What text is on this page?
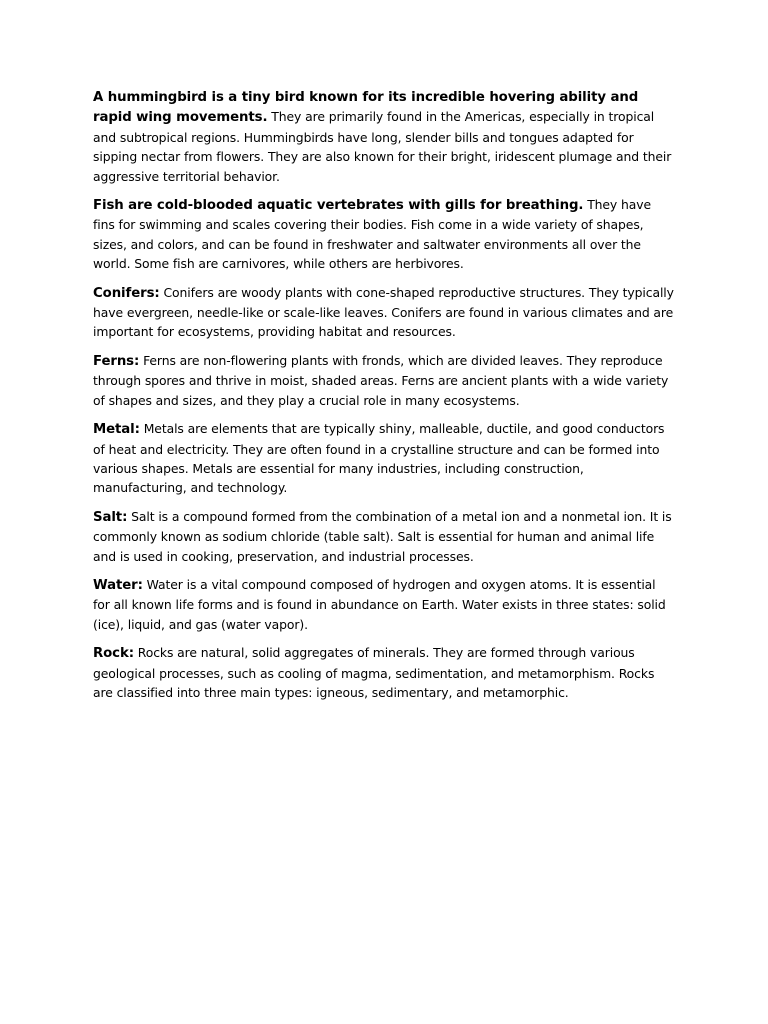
A hummingbird is a tiny bird known for its incredible hovering ability and rapid wing movements. They are primarily found in the Americas, especially in tropical and subtropical regions. Hummingbirds have long, slender bills and tongues adapted for sipping nectar from flowers. They are also known for their bright, iridescent plumage and their aggressive territorial behavior.

Fish are cold-blooded aquatic vertebrates with gills for breathing. They have fins for swimming and scales covering their bodies. Fish come in a wide variety of shapes, sizes, and colors, and can be found in freshwater and saltwater environments all over the world. Some fish are carnivores, while others are herbivores.

Conifers: Conifers are woody plants with cone-shaped reproductive structures. They typically have evergreen, needle-like or scale-like leaves. Conifers are found in various climates and are important for ecosystems, providing habitat and resources.

Ferns: Ferns are non-flowering plants with fronds, which are divided leaves. They reproduce through spores and thrive in moist, shaded areas. Ferns are ancient plants with a wide variety of shapes and sizes, and they play a crucial role in many ecosystems.

Metal: Metals are elements that are typically shiny, malleable, ductile, and good conductors of heat and electricity. They are often found in a crystalline structure and can be formed into various shapes. Metals are essential for many industries, including construction, manufacturing, and technology.

Salt: Salt is a compound formed from the combination of a metal ion and a nonmetal ion. It is commonly known as sodium chloride (table salt). Salt is essential for human and animal life and is used in cooking, preservation, and industrial processes.

Water: Water is a vital compound composed of hydrogen and oxygen atoms. It is essential for all known life forms and is found in abundance on Earth. Water exists in three states: solid (ice), liquid, and gas (water vapor).

Rock: Rocks are natural, solid aggregates of minerals. They are formed through various geological processes, such as cooling of magma, sedimentation, and metamorphism. Rocks are classified into three main types: igneous, sedimentary, and metamorphic.
